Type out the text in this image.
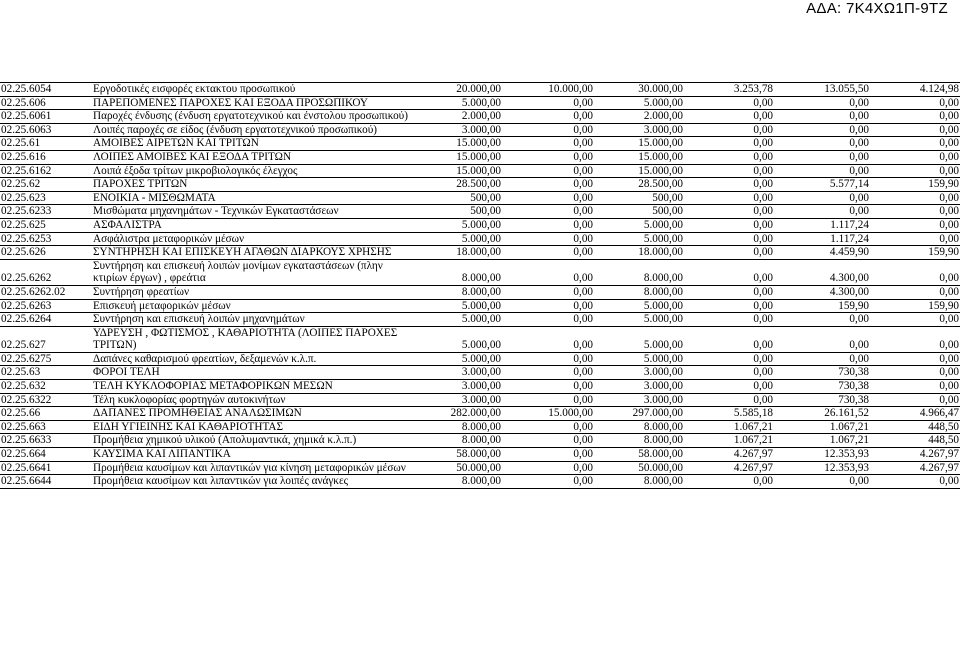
ΑΔΑ: 7Κ4ΧΩ1Π-9ΤΖ
02.25.6054	Εργοδοτικές εισφορές εκτακτου προσωπικού	20.000,00	10.000,00	30.000,00	3.253,78	13.055,50	4.124,98	
02.25.606	ΠΑΡΕΠΟΜΕΝΕΣ ΠΑΡΟΧΕΣ ΚΑΙ ΕΞΟΔΑ ΠΡΟΣΩΠΙΚΟΥ	5.000,00	0,00	5.000,00	0,00	0,00	0,00	
02.25.6061	Παροχές ένδυσης (ένδυση εργατοτεχνικού και ένστολου προσωπικού)	2.000,00	0,00	2.000,00	0,00	0,00	0,00	
02.25.6063	Λοιπές παροχές σε είδος (ένδυση εργατοτεχνικού προσωπικού)	3.000,00	0,00	3.000,00	0,00	0,00	0,00	
02.25.61	ΑΜΟΙΒΕΣ ΑΙΡΕΤΩΝ ΚΑΙ ΤΡΙΤΩΝ	15.000,00	0,00	15.000,00	0,00	0,00	0,00	
02.25.616	ΛΟΙΠΕΣ ΑΜΟΙΒΕΣ ΚΑΙ ΕΞΟΔΑ ΤΡΙΤΩΝ	15.000,00	0,00	15.000,00	0,00	0,00	0,00	
02.25.6162	Λοιπά έξοδα τρίτων μικροβιολογικός έλεγχος	15.000,00	0,00	15.000,00	0,00	0,00	0,00	
02.25.62	ΠΑΡΟΧΕΣ ΤΡΙΤΩΝ	28.500,00	0,00	28.500,00	0,00	5.577,14	159,90	
02.25.623	ΕΝΟΙΚΙΑ - ΜΙΣΘΩΜΑΤΑ	500,00	0,00	500,00	0,00	0,00	0,00	
02.25.6233	Μισθώματα μηχανημάτων - Τεχνικών Εγκαταστάσεων	500,00	0,00	500,00	0,00	0,00	0,00	
02.25.625	ΑΣΦΑΛΙΣΤΡΑ	5.000,00	0,00	5.000,00	0,00	1.117,24	0,00	
02.25.6253	Ασφάλιστρα μεταφορικών μέσων	5.000,00	0,00	5.000,00	0,00	1.117,24	0,00	
02.25.626	ΣΥΝΤΗΡΗΣΗ ΚΑΙ ΕΠΙΣΚΕΥΗ ΑΓΑΘΩΝ ΔΙΑΡΚΟΥΣ ΧΡΗΣΗΣ	18.000,00	0,00	18.000,00	0,00	4.459,90	159,90	
02.25.6262	Συντήρηση και επισκευή λοιπών μονίμων εγκαταστάσεων (πλην κτιρίων έργων) , φρεάτια	8.000,00	0,00	8.000,00	0,00	4.300,00	0,00	
02.25.6262.02	Συντήρηση φρεατίων	8.000,00	0,00	8.000,00	0,00	4.300,00	0,00	
02.25.6263	Επισκευή μεταφορικών μέσων	5.000,00	0,00	5.000,00	0,00	159,90	159,90	
02.25.6264	Συντήρηση και επισκευή λοιπών μηχανημάτων	5.000,00	0,00	5.000,00	0,00	0,00	0,00	
02.25.627	ΥΔΡΕΥΣΗ , ΦΩΤΙΣΜΟΣ , ΚΑΘΑΡΙΟΤΗΤΑ (ΛΟΙΠΕΣ ΠΑΡΟΧΕΣ ΤΡΙΤΩΝ)	5.000,00	0,00	5.000,00	0,00	0,00	0,00	
02.25.6275	Δαπάνες καθαρισμού φρεατίων, δεξαμενών κ.λ.π.	5.000,00	0,00	5.000,00	0,00	0,00	0,00	
02.25.63	ΦΟΡΟΙ ΤΕΛΗ	3.000,00	0,00	3.000,00	0,00	730,38	0,00	
02.25.632	ΤΕΛΗ ΚΥΚΛΟΦΟΡΙΑΣ ΜΕΤΑΦΟΡΙΚΩΝ ΜΕΣΩΝ	3.000,00	0,00	3.000,00	0,00	730,38	0,00	
02.25.6322	Τέλη κυκλοφορίας φορτηγών αυτοκινήτων	3.000,00	0,00	3.000,00	0,00	730,38	0,00	
02.25.66	ΔΑΠΑΝΕΣ ΠΡΟΜΗΘΕΙΑΣ ΑΝΑΛΩΣΙΜΩΝ	282.000,00	15.000,00	297.000,00	5.585,18	26.161,52	4.966,47	
02.25.663	ΕΙΔΗ ΥΓΙΕΙΝΗΣ ΚΑΙ ΚΑΘΑΡΙΟΤΗΤΑΣ	8.000,00	0,00	8.000,00	1.067,21	1.067,21	448,50	
02.25.6633	Προμήθεια χημικού υλικού (Απολυμαντικά, χημικά κ.λ.π.)	8.000,00	0,00	8.000,00	1.067,21	1.067,21	448,50	
02.25.664	ΚΑΥΣΙΜΑ ΚΑΙ ΛΙΠΑΝΤΙΚΑ	58.000,00	0,00	58.000,00	4.267,97	12.353,93	4.267,97	
02.25.6641	Προμήθεια καυσίμων και λιπαντικών για κίνηση μεταφορικών μέσων	50.000,00	0,00	50.000,00	4.267,97	12.353,93	4.267,97	
02.25.6644	Προμήθεια καυσίμων και λιπαντικών για λοιπές ανάγκες	8.000,00	0,00	8.000,00	0,00	0,00	0,00	
